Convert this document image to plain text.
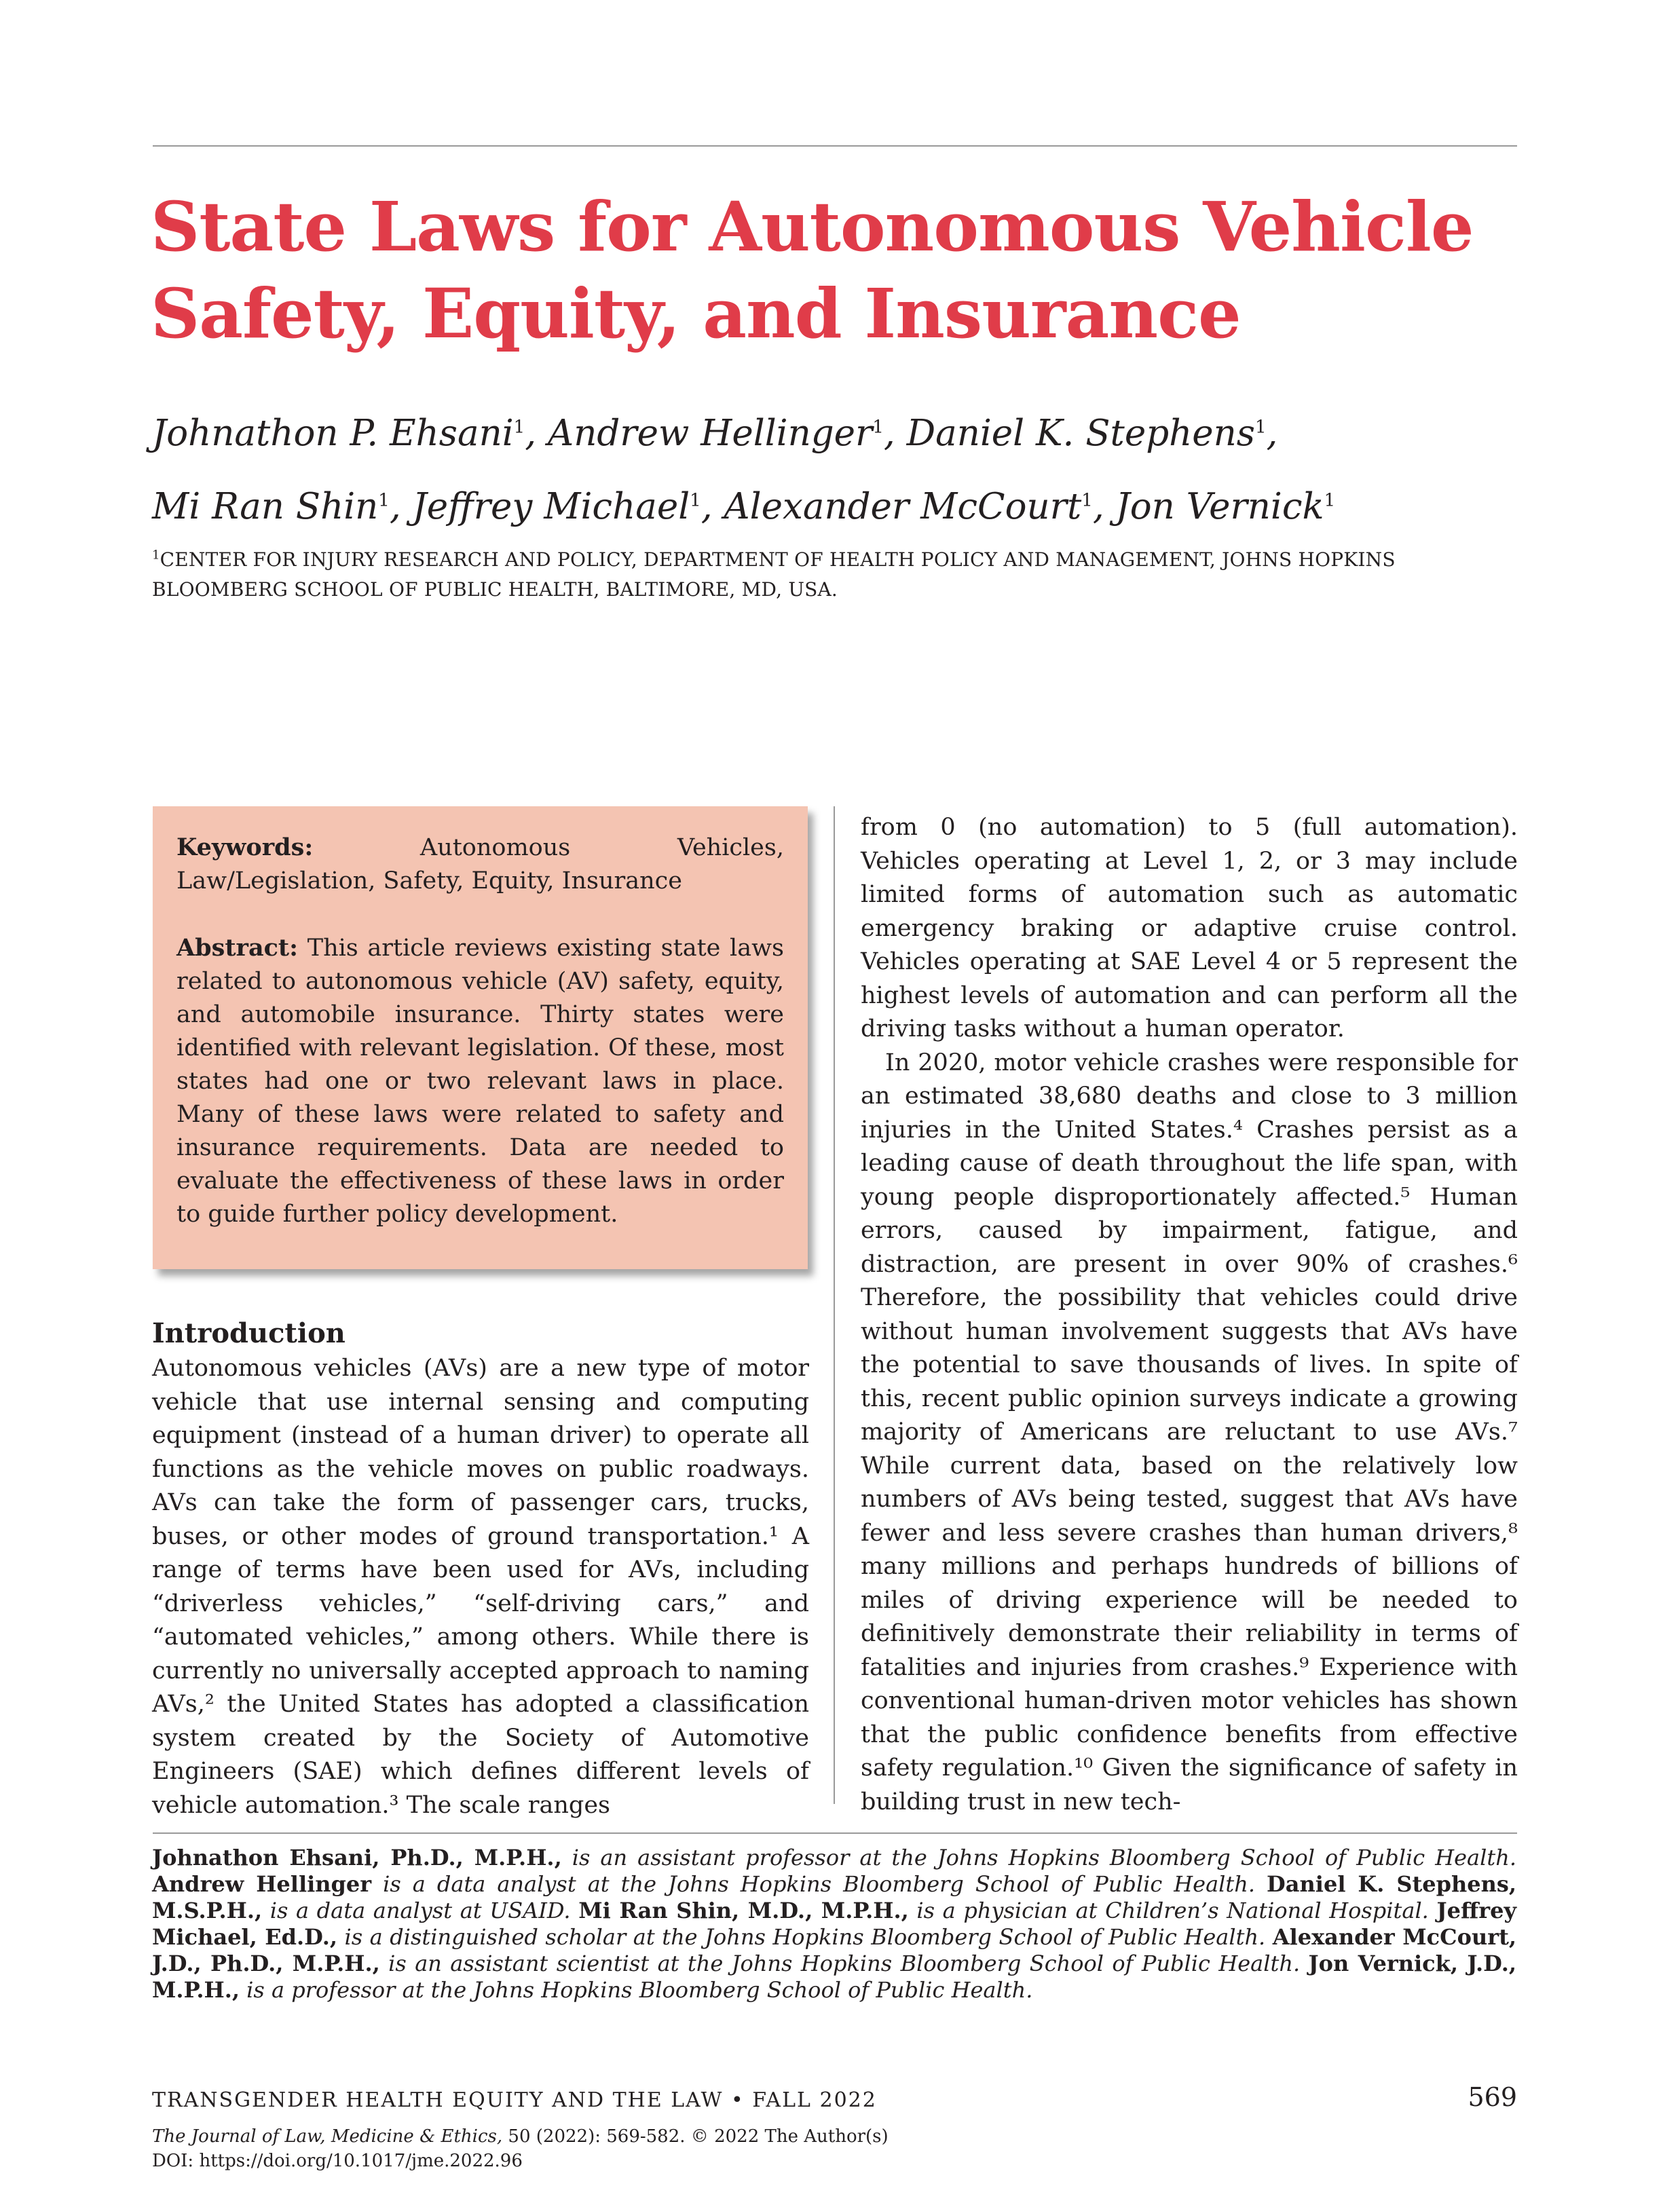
State Laws for Autonomous Vehicle
Safety, Equity, and Insurance
Johnathon P. Ehsani$^1$, Andrew Hellinger$^1$, Daniel K. Stephens$^1$,
Mi Ran Shin$^1$, Jeffrey Michael$^1$, Alexander McCourt$^1$, Jon Vernick$^1$
$^1$CENTER FOR INJURY RESEARCH AND POLICY, DEPARTMENT OF HEALTH POLICY AND MANAGEMENT, JOHNS HOPKINS
BLOOMBERG SCHOOL OF PUBLIC HEALTH, BALTIMORE, MD, USA.

Keywords:	Autonomous Vehicles, Law/Legislation, Safety, Equity, Insurance

Abstract: This article reviews existing state laws related to autonomous vehicle (AV) safety, equity, and automobile insurance. Thirty states were identified with relevant legislation. Of these, most states had one or two relevant laws in place. Many of these laws were related to safety and insurance requirements. Data are needed to evaluate the effectiveness of these laws in order to guide further policy development.

Introduction

Autonomous vehicles (AVs) are a new type of motor vehicle that use internal sensing and computing equipment (instead of a human driver) to operate all functions as the vehicle moves on public roadways. AVs can take the form of passenger cars, trucks, buses, or other modes of ground transportation.¹ A range of terms have been used for AVs, including “driverless vehicles,” “self-driving cars,” and “automated vehicles,” among others. While there is currently no universally accepted approach to naming AVs,² the United States has adopted a classification system created by the Society of Automotive Engineers (SAE) which defines different levels of vehicle automation.³ The scale ranges

from 0 (no automation) to 5 (full automation). Vehicles operating at Level 1, 2, or 3 may include limited forms of automation such as automatic emergency braking or adaptive cruise control. Vehicles operating at SAE Level 4 or 5 represent the highest levels of automation and can perform all the driving tasks without a human operator.

In 2020, motor vehicle crashes were responsible for an estimated 38,680 deaths and close to 3 million injuries in the United States.⁴ Crashes persist as a leading cause of death throughout the life span, with young people disproportionately affected.⁵ Human errors, caused by impairment, fatigue, and distraction, are present in over 90% of crashes.⁶ Therefore, the possibility that vehicles could drive without human involvement suggests that AVs have the potential to save thousands of lives. In spite of this, recent public opinion surveys indicate a growing majority of Americans are reluctant to use AVs.⁷ While current data, based on the relatively low numbers of AVs being tested, suggest that AVs have fewer and less severe crashes than human drivers,⁸ many millions and perhaps hundreds of billions of miles of driving experience will be needed to definitively demonstrate their reliability in terms of fatalities and injuries from crashes.⁹ Experience with conventional human-driven motor vehicles has shown that the public confidence benefits from effective safety regulation.¹⁰ Given the significance of safety in building trust in new tech-

Johnathon Ehsani, Ph.D., M.P.H., is an assistant professor at the Johns Hopkins Bloomberg School of Public Health. Andrew Hellinger is a data analyst at the Johns Hopkins Bloomberg School of Public Health. Daniel K. Stephens, M.S.P.H., is a data analyst at USAID. Mi Ran Shin, M.D., M.P.H., is a physician at Children’s National Hospital. Jeffrey Michael, Ed.D., is a distinguished scholar at the Johns Hopkins Bloomberg School of Public Health. Alexander McCourt, J.D., Ph.D., M.P.H., is an assistant scientist at the Johns Hopkins Bloomberg School of Public Health. Jon Vernick, J.D., M.P.H., is a professor at the Johns Hopkins Bloomberg School of Public Health.
TRANSGENDER HEALTH EQUITY AND THE LAW • FALL 2022	569
The Journal of Law, Medicine & Ethics, 50 (2022): 569-582. © 2022 The Author(s)
DOI: https://doi.org/10.1017/jme.2022.96
